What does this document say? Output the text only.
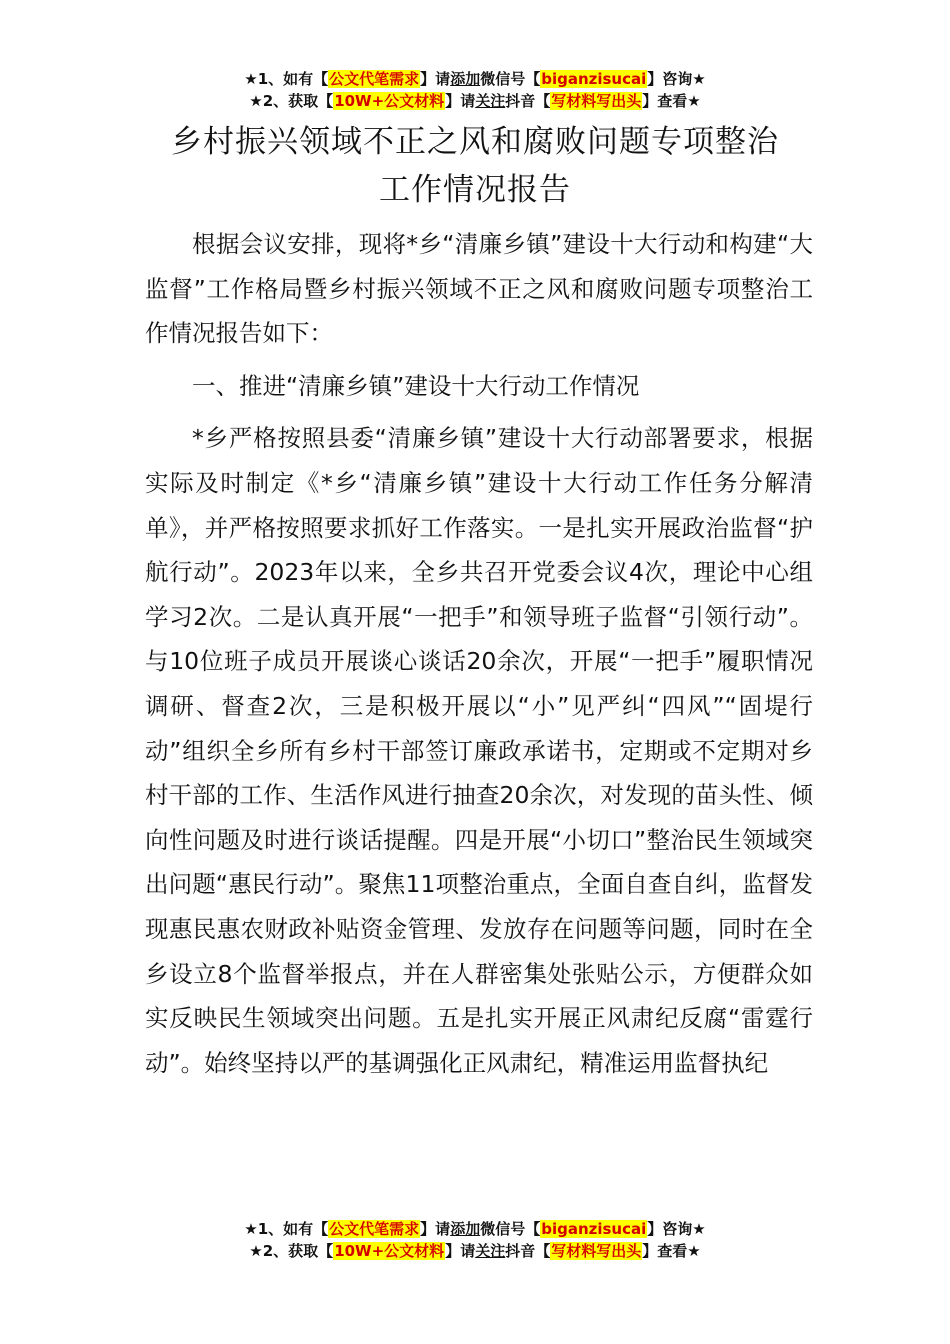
★1、如有【公文代笔需求】请添加微信号【biganzisucai】咨询★
★2、获取【10W+公文材料】请关注抖音【写材料写出头】查看★
乡村振兴领域不正之风和腐败问题专项整治
工作情况报告

根据会议安排，现将*乡“清廉乡镇”建设十大行动和构建“大监督”工作格局暨乡村振兴领域不正之风和腐败问题专项整治工作情况报告如下：

一、推进“清廉乡镇”建设十大行动工作情况

*乡严格按照县委“清廉乡镇”建设十大行动部署要求，根据实际及时制定《*乡“清廉乡镇”建设十大行动工作任务分解清单》，并严格按照要求抓好工作落实。一是扎实开展政治监督“护航行动”。2023年以来，全乡共召开党委会议4次，理论中心组学习2次。二是认真开展“一把手”和领导班子监督“引领行动”。与10位班子成员开展谈心谈话20余次，开展“一把手”履职情况调研、督查2次，三是积极开展以“小”见严纠“四风”“固堤行动”组织全乡所有乡村干部签订廉政承诺书，定期或不定期对乡村干部的工作、生活作风进行抽查20余次，对发现的苗头性、倾向性问题及时进行谈话提醒。四是开展“小切口”整治民生领域突出问题“惠民行动”。聚焦11项整治重点，全面自查自纠，监督发现惠民惠农财政补贴资金管理、发放存在问题等问题，同时在全乡设立8个监督举报点，并在人群密集处张贴公示，方便群众如实反映民生领域突出问题。五是扎实开展正风肃纪反腐“雷霆行动”。始终坚持以严的基调强化正风肃纪，精准运用监督执纪

★1、如有【公文代笔需求】请添加微信号【biganzisucai】咨询★
★2、获取【10W+公文材料】请关注抖音【写材料写出头】查看★
